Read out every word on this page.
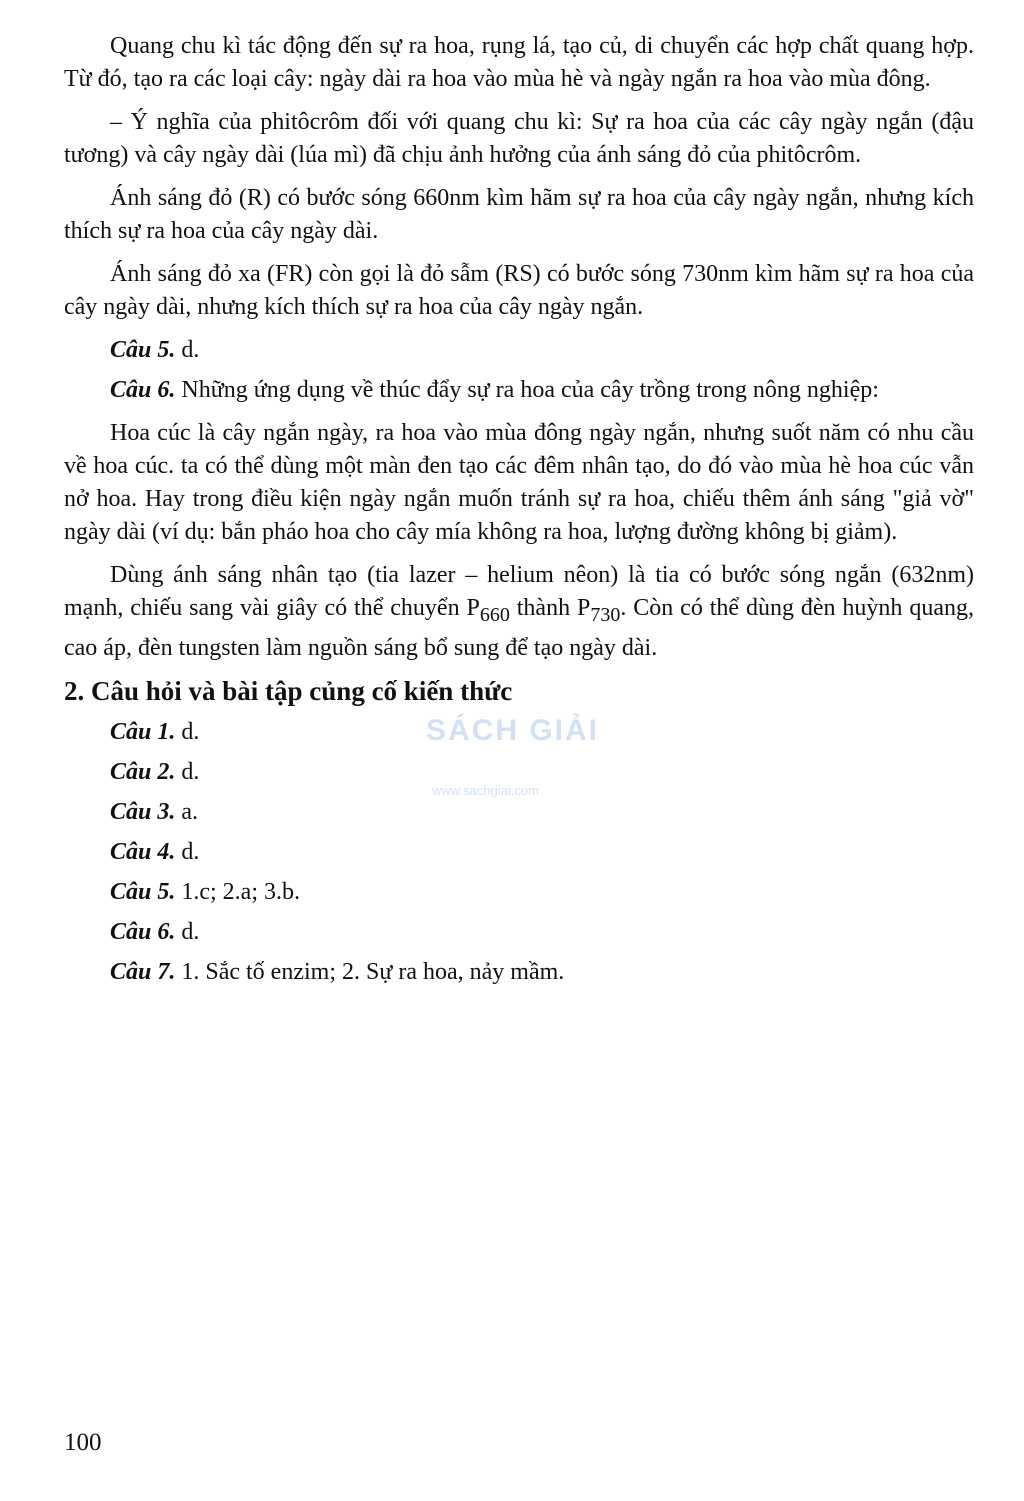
Quang chu kì tác động đến sự ra hoa, rụng lá, tạo củ, di chuyển các hợp chất quang hợp. Từ đó, tạo ra các loại cây: ngày dài ra hoa vào mùa hè và ngày ngắn ra hoa vào mùa đông.

– Ý nghĩa của phitôcrôm đối với quang chu kì: Sự ra hoa của các cây ngày ngắn (đậu tương) và cây ngày dài (lúa mì) đã chịu ảnh hưởng của ánh sáng đỏ của phitôcrôm.

Ánh sáng đỏ (R) có bước sóng 660nm kìm hãm sự ra hoa của cây ngày ngắn, nhưng kích thích sự ra hoa của cây ngày dài.

Ánh sáng đỏ xa (FR) còn gọi là đỏ sẫm (RS) có bước sóng 730nm kìm hãm sự ra hoa của cây ngày dài, nhưng kích thích sự ra hoa của cây ngày ngắn.

Câu 5. d.

Câu 6. Những ứng dụng về thúc đẩy sự ra hoa của cây trồng trong nông nghiệp:

Hoa cúc là cây ngắn ngày, ra hoa vào mùa đông ngày ngắn, nhưng suốt năm có nhu cầu về hoa cúc. ta có thể dùng một màn đen tạo các đêm nhân tạo, do đó vào mùa hè hoa cúc vẫn nở hoa. Hay trong điều kiện ngày ngắn muốn tránh sự ra hoa, chiếu thêm ánh sáng "giả vờ" ngày dài (ví dụ: bắn pháo hoa cho cây mía không ra hoa, lượng đường không bị giảm).

Dùng ánh sáng nhân tạo (tia lazer – helium nêon) là tia có bước sóng ngắn (632nm) mạnh, chiếu sang vài giây có thể chuyển $P_{660}$ thành $P_{730}$. Còn có thể dùng đèn huỳnh quang, cao áp, đèn tungsten làm nguồn sáng bổ sung để tạo ngày dài.

2. Câu hỏi và bài tập củng cố kiến thức
Câu 1. d.
Câu 2. d.
Câu 3. a.
Câu 4. d.
Câu 5. 1.c; 2.a; 3.b.
Câu 6. d.
Câu 7. 1. Sắc tố enzim; 2. Sự ra hoa, nảy mầm.
SÁCH GIẢI
www.sachgiai.com
100
